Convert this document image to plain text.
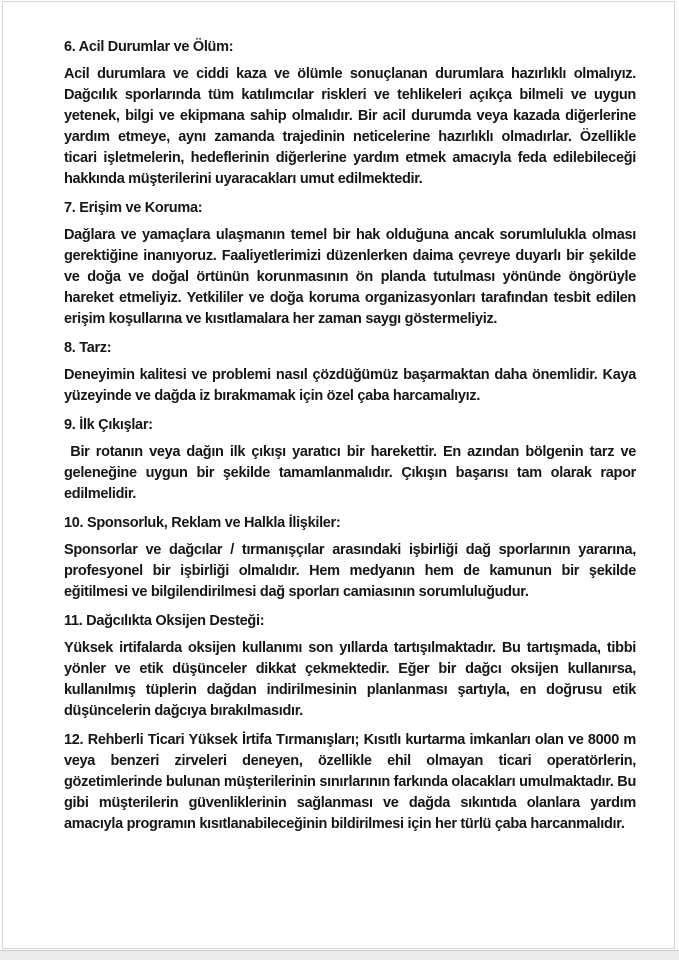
6. Acil Durumlar ve Ölüm:

Acil durumlara ve ciddi kaza ve ölümle sonuçlanan durumlara hazırlıklı olmalıyız. Dağcılık sporlarında tüm katılımcılar riskleri ve tehlikeleri açıkça bilmeli ve uygun yetenek, bilgi ve ekipmana sahip olmalıdır. Bir acil durumda veya kazada diğerlerine yardım etmeye, aynı zamanda trajedinin neticelerine hazırlıklı olmadırlar. Özellikle ticari işletmelerin, hedeflerinin diğerlerine yardım etmek amacıyla feda edilebileceği hakkında müşterilerini uyaracakları umut edilmektedir.

7. Erişim ve Koruma:

Dağlara ve yamaçlara ulaşmanın temel bir hak olduğuna ancak sorumlulukla olması gerektiğine inanıyoruz. Faaliyetlerimizi düzenlerken daima çevreye duyarlı bir şekilde ve doğa ve doğal örtünün korunmasının ön planda tutulması yönünde öngörüyle hareket etmeliyiz. Yetkililer ve doğa koruma organizasyonları tarafından tesbit edilen erişim koşullarına ve kısıtlamalara her zaman saygı göstermeliyiz.

8. Tarz:

Deneyimin kalitesi ve problemi nasıl çözdüğümüz başarmaktan daha önemlidir. Kaya yüzeyinde ve dağda iz bırakmamak için özel çaba harcamalıyız.

9. İlk Çıkışlar:

Bir rotanın veya dağın ilk çıkışı yaratıcı bir harekettir. En azından bölgenin tarz ve geleneğine uygun bir şekilde tamamlanmalıdır. Çıkışın başarısı tam olarak rapor edilmelidir.

10. Sponsorluk, Reklam ve Halkla İlişkiler:

Sponsorlar ve dağcılar / tırmanışçılar arasındaki işbirliği dağ sporlarının yararına, profesyonel bir işbirliği olmalıdır. Hem medyanın hem de kamunun bir şekilde eğitilmesi ve bilgilendirilmesi dağ sporları camiasının sorumluluğudur.

11. Dağcılıkta Oksijen Desteği:

Yüksek irtifalarda oksijen kullanımı son yıllarda tartışılmaktadır. Bu tartışmada, tibbi yönler ve etik düşünceler dikkat çekmektedir. Eğer bir dağcı oksijen kullanırsa, kullanılmış tüplerin dağdan indirilmesinin planlanması şartıyla, en doğrusu etik düşüncelerin dağcıya bırakılmasıdır.

12. Rehberli Ticari Yüksek İrtifa Tırmanışları; Kısıtlı kurtarma imkanları olan ve 8000 m veya benzeri zirveleri deneyen, özellikle ehil olmayan ticari operatörlerin, gözetimlerinde bulunan müşterilerinin sınırlarının farkında olacakları umulmaktadır. Bu gibi müşterilerin güvenliklerinin sağlanması ve dağda sıkıntıda olanlara yardım amacıyla programın kısıtlanabileceğinin bildirilmesi için her türlü çaba harcanmalıdır.
